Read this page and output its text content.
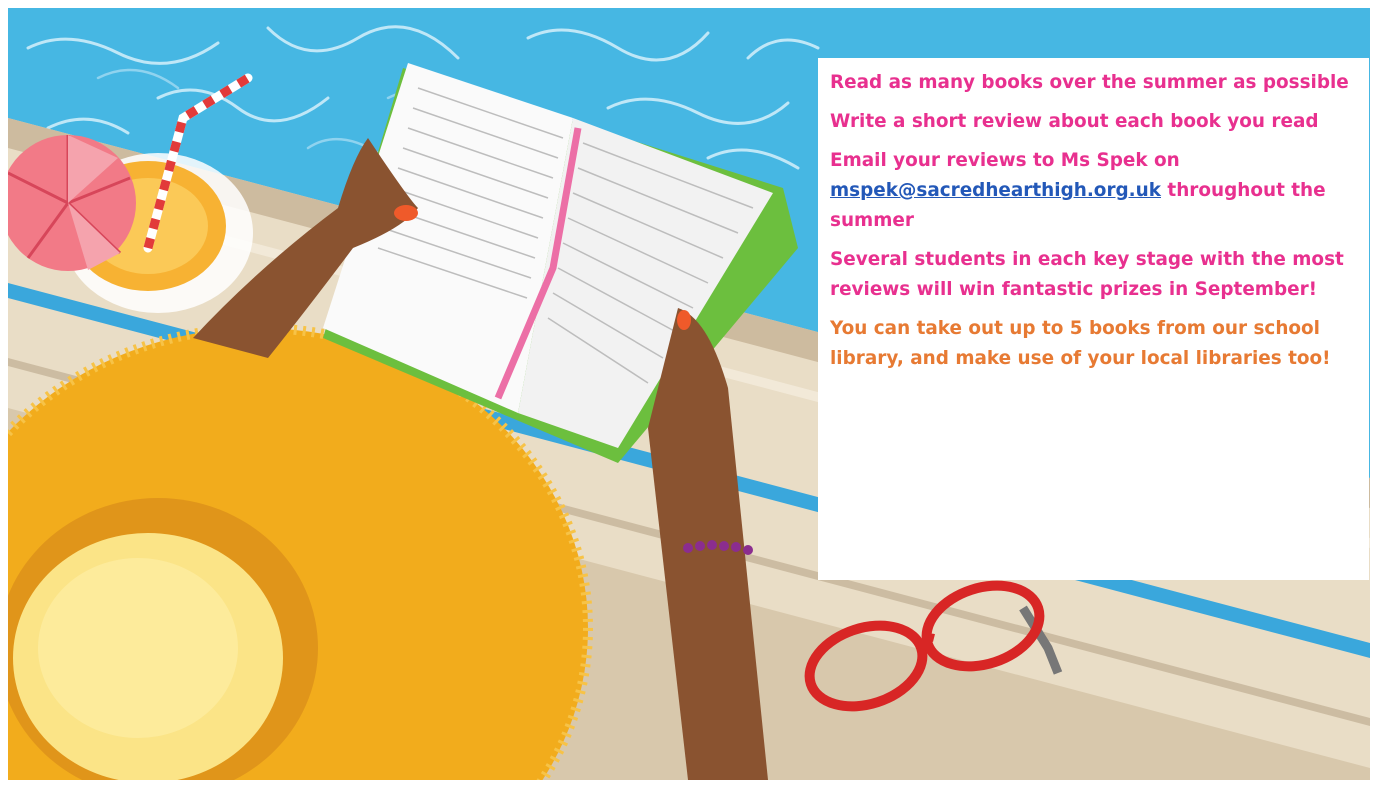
Read as many books over the summer as possible

Write a short review about each book you read

Email your reviews to Ms Spek on
mspek@sacredhearthigh.org.uk throughout the summer

Several students in each key stage with the most reviews will win fantastic prizes in September!

You can take out up to 5 books from our school library, and make use of your local libraries too!
